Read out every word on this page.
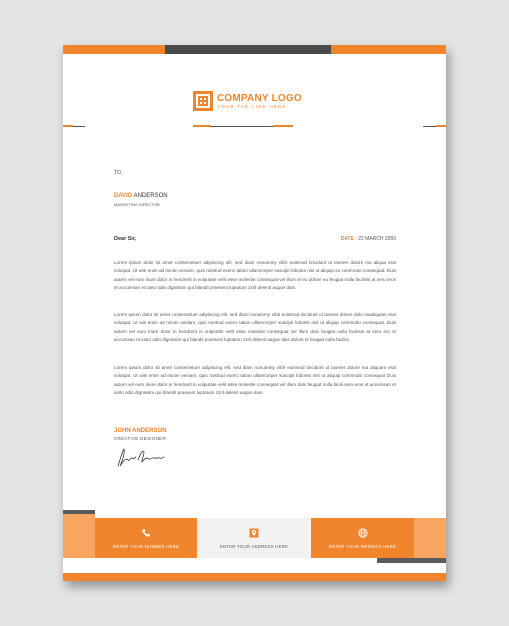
COMPANY LOGO
YOUR TAG LINE HERE
TO,
DAVID ANDERSON
MARKETING DIRECTOR
Dear Sir,	DATE : 22 MARCH 2050
Lorem ipsum dolor sit amet consectetuer adipiscing elit, sed diam nonummy nibh euismod tincidunt ut laoreet dolore ma aliqua erat volutpat. Ut wisi enim ad minim veniam, quis nostrud exerci tation ullamcorper suscipit lobortis nisl ut aliquip ex commodo consequat. Duis autem vel eum iriure dolor in hendrerit in vulputate velit esse molestie consequat vel illum et eu dolore eu feugiat nulla facilisis at vero eros et accumsan et iusto odio dignissim qui blandit praesent luptatum zzril delenit augue duis.
Lorem ipsum dolor sit amet consectetuer adipiscing elit, sed diam nonummy nibh euismod tincidunt ut laoreet dolore dolo maaliquam erat volutpat. Ut wis enim ad minim veniam, quis nostrud exerci tation ullamcorper suscipit lobortis nisl ut aliquip commodo consequat. Duis autem vel eum iriure dolor in hendrerit in vulputate velit esse molestie consequat vel illum dolo feugiat nulla facilisis at vero ero et accumsan et iusto odio dignissim qui blandit praesent luptatum zzril delenit augue duis dolore te feugait nulla facilisi.
Lorem ipsum dolor sit amet consectetuer adipiscing elit, sed diam nonummy nibh euismod tincidunt ut laoreet dolore ma aliquam erat volutpat. Ut wisi enim ad minim veniam, quis nostrud exerci tation ullamcorper suscipit lobortis nisl ut aliquip commodo consequat Duis autem vel eum iriure dolor in hendrerit in vulputate velit esse molestie consequat vel illum dolo feugiat nulla facili vero eros et accumsan et iusto odio dignissim qui blandit praesent luptatum zzril delenit augue duis
JOHN ANDERSON
CREATIVE DESIGNER
ENTER YOUR NUMBER HERE	ENTER YOUR ADDRESS HERE	ENTER YOUR WEBSITE HERE
